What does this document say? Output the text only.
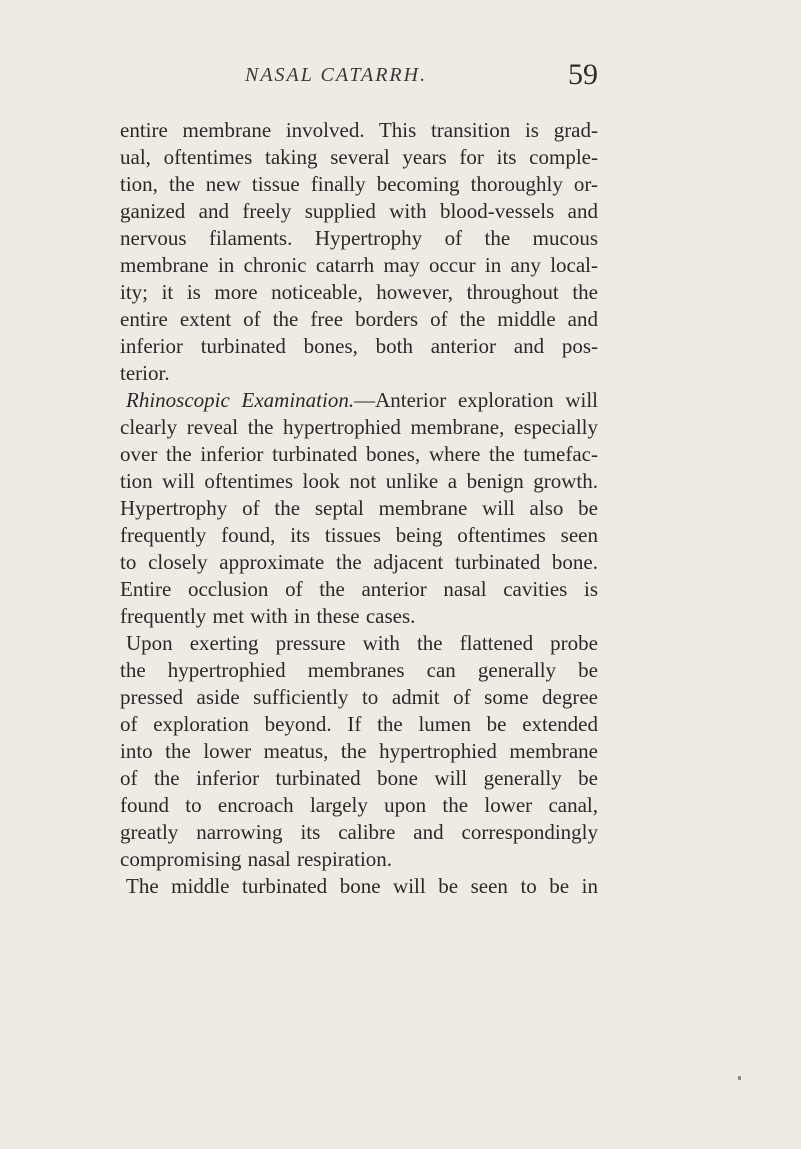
NASAL CATARRH.	59
entire membrane involved. This transition is grad-
ual, oftentimes taking several years for its comple-
tion, the new tissue finally becoming thoroughly or-
ganized and freely supplied with blood-vessels and
nervous filaments. Hypertrophy of the mucous
membrane in chronic catarrh may occur in any local-
ity; it is more noticeable, however, throughout the
entire extent of the free borders of the middle and
inferior turbinated bones, both anterior and pos-
terior.
Rhinoscopic Examination.—Anterior exploration will
clearly reveal the hypertrophied membrane, especially
over the inferior turbinated bones, where the tumefac-
tion will oftentimes look not unlike a benign growth.
Hypertrophy of the septal membrane will also be
frequently found, its tissues being oftentimes seen
to closely approximate the adjacent turbinated bone.
Entire occlusion of the anterior nasal cavities is
frequently met with in these cases.
Upon exerting pressure with the flattened probe
the hypertrophied membranes can generally be
pressed aside sufficiently to admit of some degree
of exploration beyond. If the lumen be extended
into the lower meatus, the hypertrophied membrane
of the inferior turbinated bone will generally be
found to encroach largely upon the lower canal,
greatly narrowing its calibre and correspondingly
compromising nasal respiration.
The middle turbinated bone will be seen to be in
